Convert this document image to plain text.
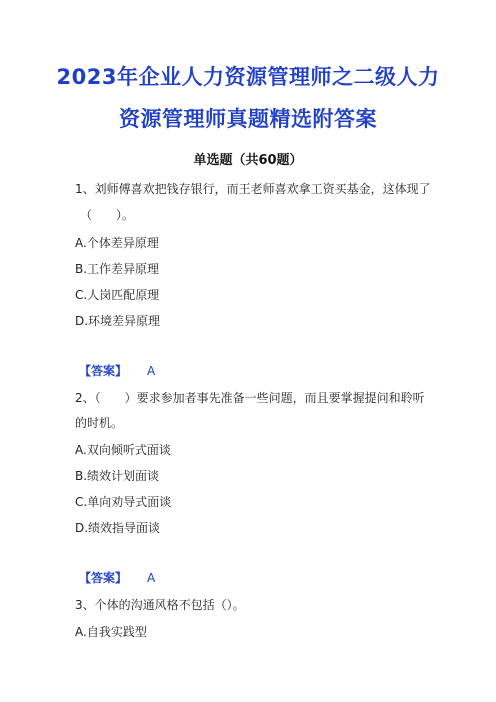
2023年企业人力资源管理师之二级人力
资源管理师真题精选附答案
单选题（共60题）
1、刘师傅喜欢把钱存银行，而王老师喜欢拿工资买基金，这体现了
（　　）。
A.个体差异原理
B.工作差异原理
C.人岗匹配原理
D.环境差异原理
【答案】 A
2、（　　）要求参加者事先准备一些问题，而且要掌握提问和聆听
的时机。
A.双向倾听式面谈
B.绩效计划面谈
C.单向劝导式面谈
D.绩效指导面谈
【答案】 A
3、个体的沟通风格不包括（）。
A.自我实践型
